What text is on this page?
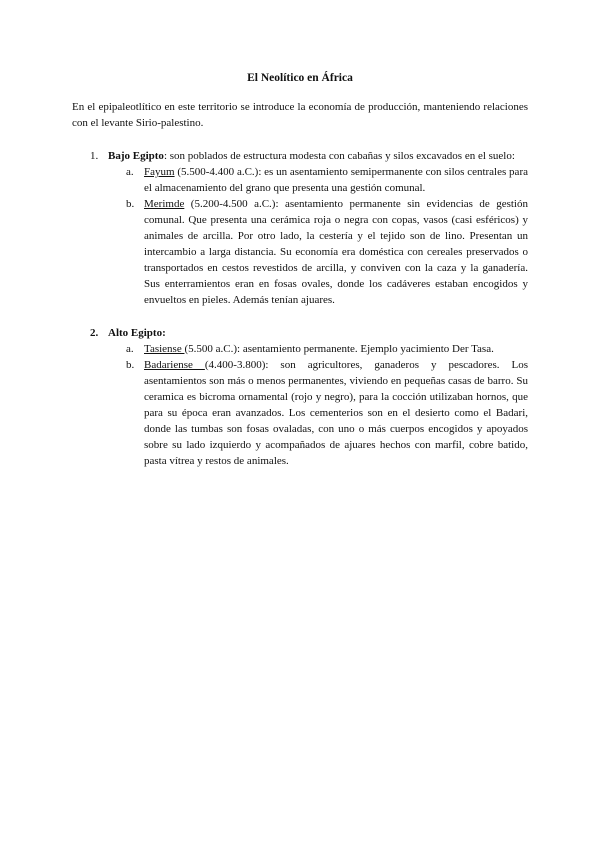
El Neolítico en África

En el epipaleotlítico en este territorio se introduce la economía de producción, manteniendo relaciones con el levante Sirio-palestino.

1. Bajo Egipto: son poblados de estructura modesta con cabañas y silos excavados en el suelo:
a. Fayum (5.500-4.400 a.C.): es un asentamiento semipermanente con silos centrales para el almacenamiento del grano que presenta una gestión comunal.
b. Merimde (5.200-4.500 a.C.): asentamiento permanente sin evidencias de gestión comunal. Que presenta una cerámica roja o negra con copas, vasos (casi esféricos) y animales de arcilla. Por otro lado, la cestería y el tejido son de lino. Presentan un intercambio a larga distancia. Su economía era doméstica con cereales preservados o transportados en cestos revestidos de arcilla, y conviven con la caza y la ganadería. Sus enterramientos eran en fosas ovales, donde los cadáveres estaban encogidos y envueltos en pieles. Además tenían ajuares.
2. Alto Egipto:
a. Tasiense (5.500 a.C.): asentamiento permanente. Ejemplo yacimiento Der Tasa.
b. Badariense (4.400-3.800): son agricultores, ganaderos y pescadores. Los asentamientos son más o menos permanentes, viviendo en pequeñas casas de barro. Su ceramica es bicroma ornamental (rojo y negro), para la cocción utilizaban hornos, que para su época eran avanzados. Los cementerios son en el desierto como el Badari, donde las tumbas son fosas ovaladas, con uno o más cuerpos encogidos y apoyados sobre su lado izquierdo y acompañados de ajuares hechos con marfil, cobre batido, pasta vítrea y restos de animales.
